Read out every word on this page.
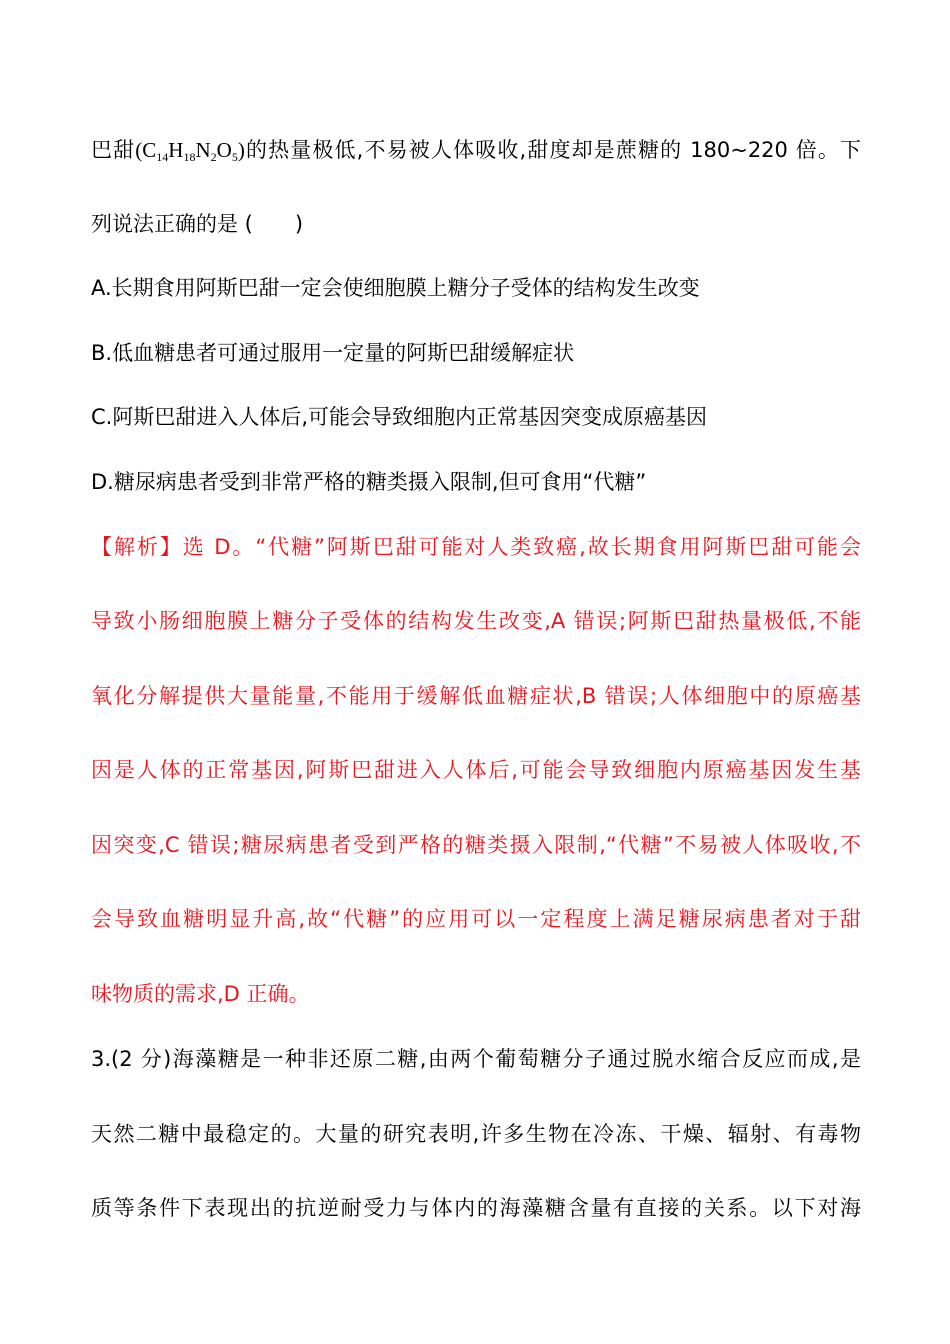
巴甜$(C_{14}H_{18}N_2O_5)$的热量极低,不易被人体吸收,甜度却是蔗糖的 180~220 倍。下
列说法正确的是 (　　)
A.长期食用阿斯巴甜一定会使细胞膜上糖分子受体的结构发生改变
B.低血糖患者可通过服用一定量的阿斯巴甜缓解症状
C.阿斯巴甜进入人体后,可能会导致细胞内正常基因突变成原癌基因
D.糖尿病患者受到非常严格的糖类摄入限制,但可食用“代糖”
【解析】选 D。“代糖”阿斯巴甜可能对人类致癌,故长期食用阿斯巴甜可能会
导致小肠细胞膜上糖分子受体的结构发生改变,A 错误;阿斯巴甜热量极低,不能
氧化分解提供大量能量,不能用于缓解低血糖症状,B 错误;人体细胞中的原癌基
因是人体的正常基因,阿斯巴甜进入人体后,可能会导致细胞内原癌基因发生基
因突变,C 错误;糖尿病患者受到严格的糖类摄入限制,“代糖”不易被人体吸收,不
会导致血糖明显升高,故“代糖”的应用可以一定程度上满足糖尿病患者对于甜
味物质的需求,D 正确。
3.(2 分)海藻糖是一种非还原二糖,由两个葡萄糖分子通过脱水缩合反应而成,是
天然二糖中最稳定的。大量的研究表明,许多生物在冷冻、干燥、辐射、有毒物
质等条件下表现出的抗逆耐受力与体内的海藻糖含量有直接的关系。以下对海
